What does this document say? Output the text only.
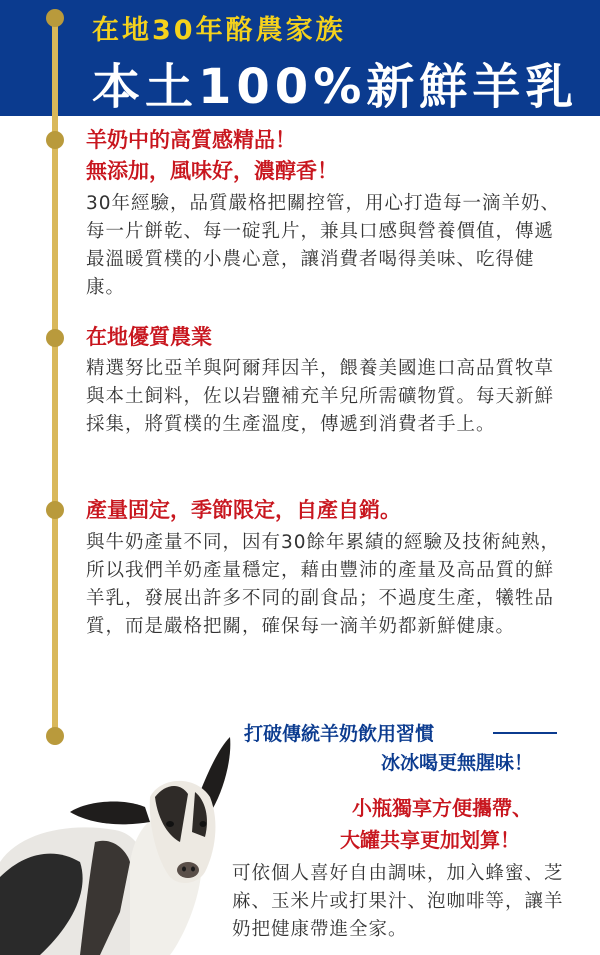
在地30年酪農家族
本土100%新鮮羊乳
羊奶中的高質感精品！
無添加，風味好，濃醇香！
30年經驗，品質嚴格把關控管，用心打造每一滴羊奶、每一片餅乾、每一碇乳片，兼具口感與營養價值，傳遞最溫暖質樸的小農心意，讓消費者喝得美味、吃得健康。
在地優質農業
精選努比亞羊與阿爾拜因羊，餵養美國進口高品質牧草與本土飼料，佐以岩鹽補充羊兒所需礦物質。每天新鮮採集，將質樸的生產溫度，傳遞到消費者手上。
產量固定，季節限定，自產自銷。
與牛奶產量不同，因有30餘年累績的經驗及技術純熟，所以我們羊奶產量穩定，藉由豐沛的產量及高品質的鮮羊乳，發展出許多不同的副食品；不過度生產，犧牲品質，而是嚴格把關，確保每一滴羊奶都新鮮健康。
打破傳統羊奶飲用習慣
冰冰喝更無腥味！
小瓶獨享方便攜帶、
大罐共享更加划算！
可依個人喜好自由調味，加入蜂蜜、芝麻、玉米片或打果汁、泡咖啡等，讓羊奶把健康帶進全家。
